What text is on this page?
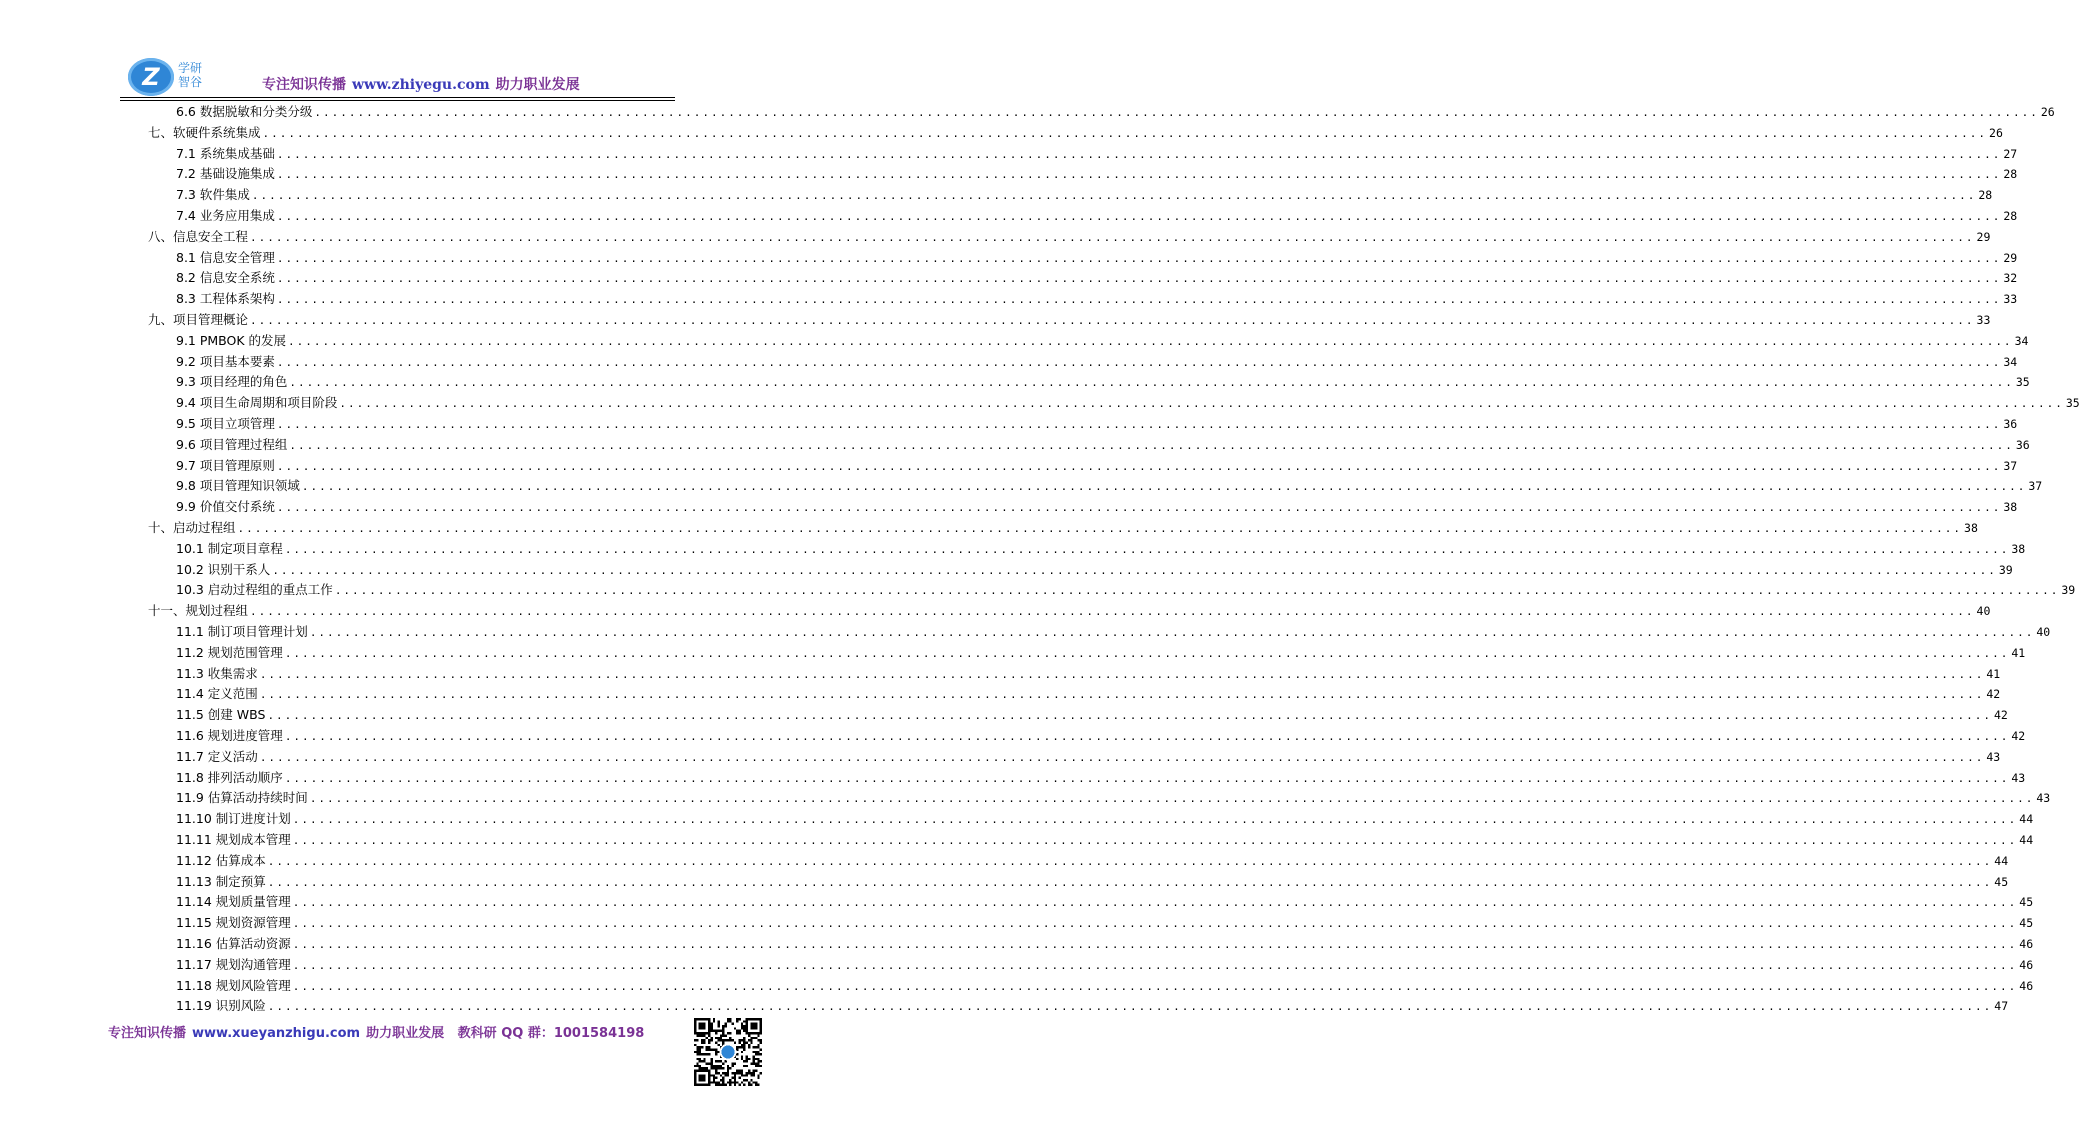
Z	学研
智谷	专注知识传播 www.zhiyegu.com 助力职业发展
6.6 数据脱敏和分类分级 ........................................................................................................................................................................................................ 26
七、软硬件系统集成 ........................................................................................................................................................................................................ 26
7.1 系统集成基础 ........................................................................................................................................................................................................ 27
7.2 基础设施集成 ........................................................................................................................................................................................................ 28
7.3 软件集成 ........................................................................................................................................................................................................ 28
7.4 业务应用集成 ........................................................................................................................................................................................................ 28
八、信息安全工程 ........................................................................................................................................................................................................ 29
8.1 信息安全管理 ........................................................................................................................................................................................................ 29
8.2 信息安全系统 ........................................................................................................................................................................................................ 32
8.3 工程体系架构 ........................................................................................................................................................................................................ 33
九、项目管理概论 ........................................................................................................................................................................................................ 33
9.1 PMBOK 的发展 ........................................................................................................................................................................................................ 34
9.2 项目基本要素 ........................................................................................................................................................................................................ 34
9.3 项目经理的角色 ........................................................................................................................................................................................................ 35
9.4 项目生命周期和项目阶段 ........................................................................................................................................................................................................ 35
9.5 项目立项管理 ........................................................................................................................................................................................................ 36
9.6 项目管理过程组 ........................................................................................................................................................................................................ 36
9.7 项目管理原则 ........................................................................................................................................................................................................ 37
9.8 项目管理知识领域 ........................................................................................................................................................................................................ 37
9.9 价值交付系统 ........................................................................................................................................................................................................ 38
十、启动过程组 ........................................................................................................................................................................................................ 38
10.1 制定项目章程 ........................................................................................................................................................................................................ 38
10.2 识别干系人 ........................................................................................................................................................................................................ 39
10.3 启动过程组的重点工作 ........................................................................................................................................................................................................ 39
十一、规划过程组 ........................................................................................................................................................................................................ 40
11.1 制订项目管理计划 ........................................................................................................................................................................................................ 40
11.2 规划范围管理 ........................................................................................................................................................................................................ 41
11.3 收集需求 ........................................................................................................................................................................................................ 41
11.4 定义范围 ........................................................................................................................................................................................................ 42
11.5 创建 WBS ........................................................................................................................................................................................................ 42
11.6 规划进度管理 ........................................................................................................................................................................................................ 42
11.7 定义活动 ........................................................................................................................................................................................................ 43
11.8 排列活动顺序 ........................................................................................................................................................................................................ 43
11.9 估算活动持续时间 ........................................................................................................................................................................................................ 43
11.10 制订进度计划 ........................................................................................................................................................................................................ 44
11.11 规划成本管理 ........................................................................................................................................................................................................ 44
11.12 估算成本 ........................................................................................................................................................................................................ 44
11.13 制定预算 ........................................................................................................................................................................................................ 45
11.14 规划质量管理 ........................................................................................................................................................................................................ 45
11.15 规划资源管理 ........................................................................................................................................................................................................ 45
11.16 估算活动资源 ........................................................................................................................................................................................................ 46
11.17 规划沟通管理 ........................................................................................................................................................................................................ 46
11.18 规划风险管理 ........................................................................................................................................................................................................ 46
11.19 识别风险 ........................................................................................................................................................................................................ 47
专注知识传播 www.xueyanzhigu.com 助力职业发展 教科研 QQ 群：1001584198
